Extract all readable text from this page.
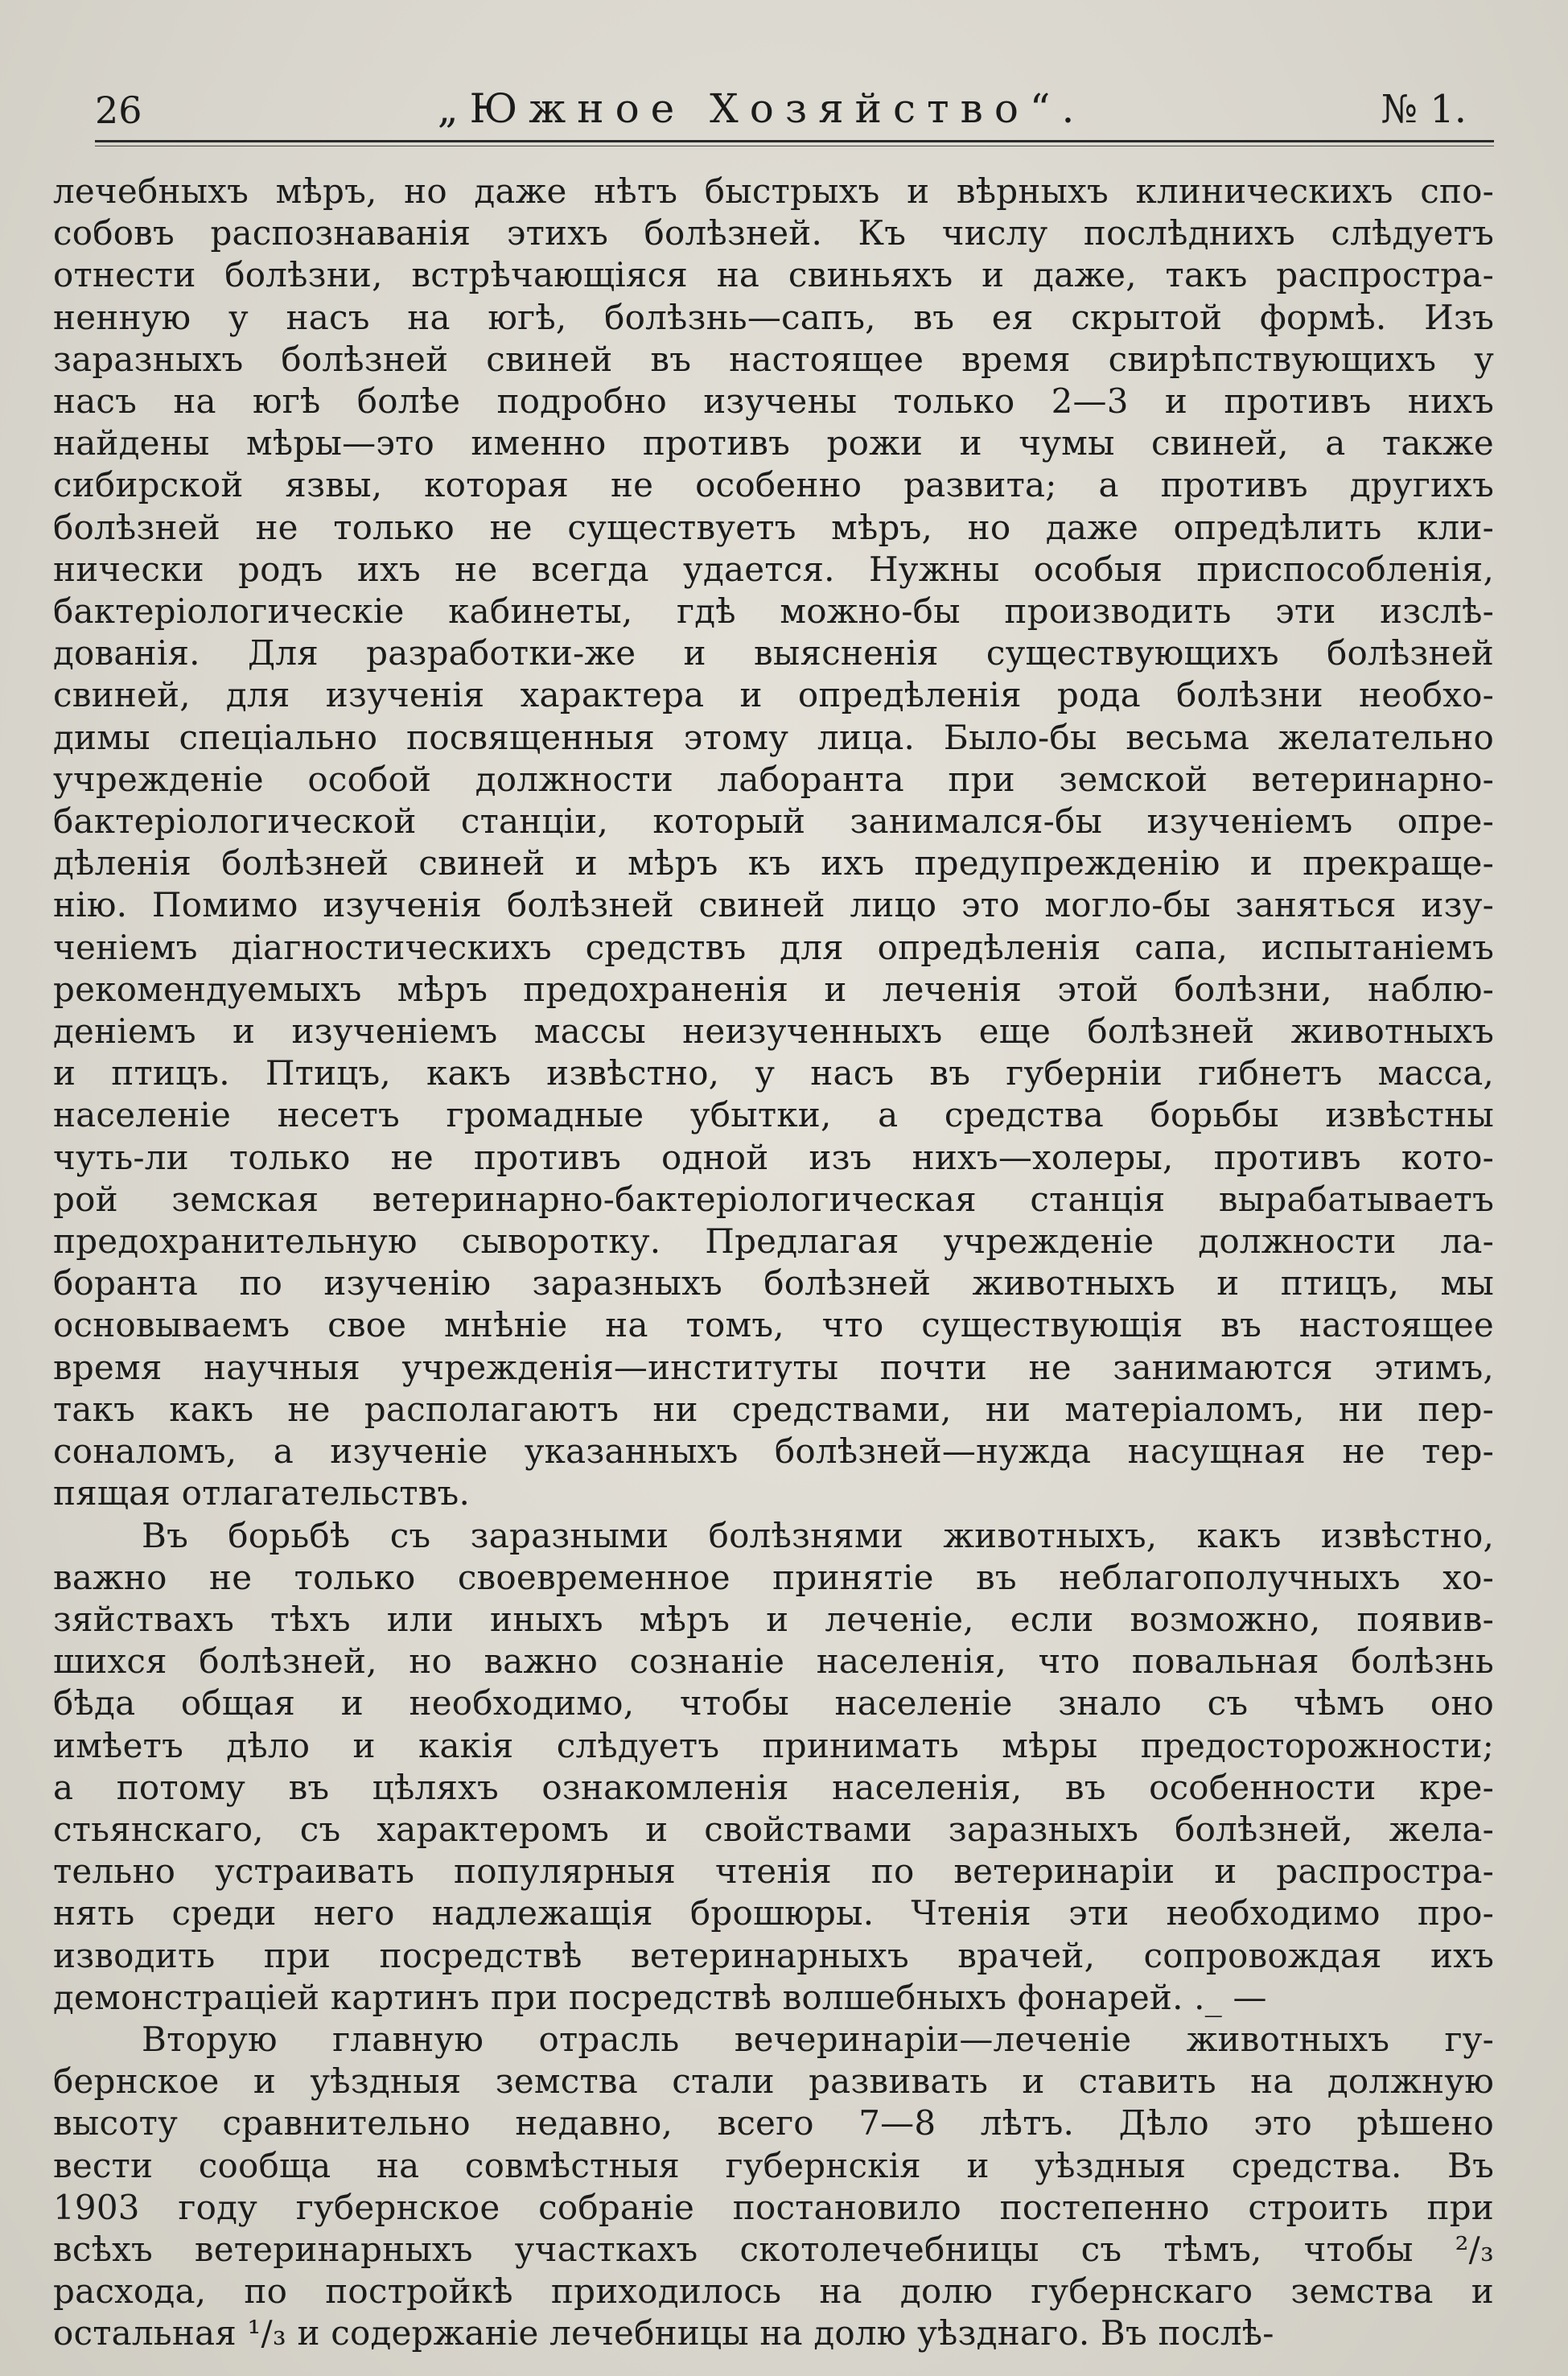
26	„Южное Хозяйство“.	№ 1.
лечебныхъ мѣръ, но даже нѣтъ быстрыхъ и вѣрныхъ клиническихъ спо-
собовъ распознаванія этихъ болѣзней. Къ числу послѣднихъ слѣдуетъ
отнести болѣзни, встрѣчающіяся на свиньяхъ и даже, такъ распростра-
ненную у насъ на югѣ, болѣзнь—сапъ, въ ея скрытой формѣ. Изъ
заразныхъ болѣзней свиней въ настоящее время свирѣпствующихъ у
насъ на югѣ болѣе подробно изучены только 2—3 и противъ нихъ
найдены мѣры—это именно противъ рожи и чумы свиней, а также
сибирской язвы, которая не особенно развита; а противъ другихъ
болѣзней не только не существуетъ мѣръ, но даже опредѣлить кли-
нически родъ ихъ не всегда удается. Нужны особыя приспособленія,
бактеріологическіе кабинеты, гдѣ можно-бы производить эти изслѣ-
дованія. Для разработки-же и выясненія существующихъ болѣзней
свиней, для изученія характера и опредѣленія рода болѣзни необхо-
димы спеціально посвященныя этому лица. Было-бы весьма желательно
учрежденіе особой должности лаборанта при земской ветеринарно-
бактеріологической станціи, который занимался-бы изученіемъ опре-
дѣленія болѣзней свиней и мѣръ къ ихъ предупрежденію и прекраще-
нію. Помимо изученія болѣзней свиней лицо это могло-бы заняться изу-
ченіемъ діагностическихъ средствъ для опредѣленія сапа, испытаніемъ
рекомендуемыхъ мѣръ предохраненія и леченія этой болѣзни, наблю-
деніемъ и изученіемъ массы неизученныхъ еще болѣзней животныхъ
и птицъ. Птицъ, какъ извѣстно, у насъ въ губерніи гибнетъ масса,
населеніе несетъ громадные убытки, а средства борьбы извѣстны
чуть-ли только не противъ одной изъ нихъ—холеры, противъ кото-
рой земская ветеринарно-бактеріологическая станція вырабатываетъ
предохранительную сыворотку. Предлагая учрежденіе должности ла-
боранта по изученію заразныхъ болѣзней животныхъ и птицъ, мы
основываемъ свое мнѣніе на томъ, что существующія въ настоящее
время научныя учрежденія—институты почти не занимаются этимъ,
такъ какъ не располагаютъ ни средствами, ни матеріаломъ, ни пер-
соналомъ, а изученіе указанныхъ болѣзней—нужда насущная не тер-
пящая отлагательствъ.
Въ борьбѣ съ заразными болѣзнями животныхъ, какъ извѣстно,
важно не только своевременное принятіе въ неблагополучныхъ хо-
зяйствахъ тѣхъ или иныхъ мѣръ и леченіе, если возможно, появив-
шихся болѣзней, но важно сознаніе населенія, что повальная болѣзнь
бѣда общая и необходимо, чтобы населеніе знало съ чѣмъ оно
имѣетъ дѣло и какія слѣдуетъ принимать мѣры предосторожности;
а потому въ цѣляхъ ознакомленія населенія, въ особенности кре-
стьянскаго, съ характеромъ и свойствами заразныхъ болѣзней, жела-
тельно устраивать популярныя чтенія по ветеринаріи и распростра-
нять среди него надлежащія брошюры. Чтенія эти необходимо про-
изводить при посредствѣ ветеринарныхъ врачей, сопровождая ихъ
демонстраціей картинъ при посредствѣ волшебныхъ фонарей. ._ —
Вторую главную отрасль вечеринаріи—леченіе животныхъ гу-
бернское и уѣздныя земства стали развивать и ставить на должную
высоту сравнительно недавно, всего 7—8 лѣтъ. Дѣло это рѣшено
вести сообща на совмѣстныя губернскія и уѣздныя средства. Въ
1903 году губернское собраніе постановило постепенно строить при
всѣхъ ветеринарныхъ участкахъ скотолечебницы съ тѣмъ, чтобы ²/₃
расхода, по постройкѣ приходилось на долю губернскаго земства и
остальная ¹/₃ и содержаніе лечебницы на долю уѣзднаго. Въ послѣ-
